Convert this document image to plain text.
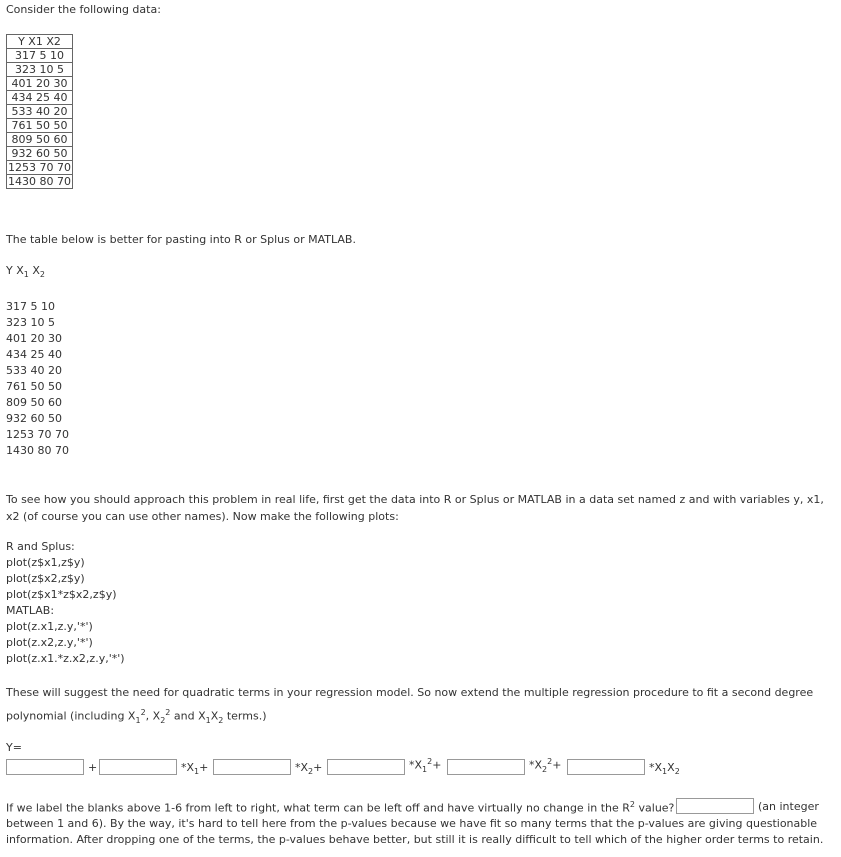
Consider the following data:
Y X1 X2
317 5 10
323 10 5
401 20 30
434 25 40
533 40 20
761 50 50
809 50 60
932 60 50
1253 70 70
1430 80 70
The table below is better for pasting into R or Splus or MATLAB.
Y $X_1$ $X_2$
317 5 10
323 10 5
401 20 30
434 25 40
533 40 20
761 50 50
809 50 60
932 60 50
1253 70 70
1430 80 70
To see how you should approach this problem in real life, first get the data into R or Splus or MATLAB in a data set named z and with variables y, x1, x2 (of course you can use other names). Now make the following plots:
R and Splus:
plot(z$x1,z$y)
plot(z$x2,z$y)
plot(z$x1*z$x2,z$y)
MATLAB:
plot(z.x1,z.y,'*')
plot(z.x2,z.y,'*')
plot(z.x1.*z.x2,z.y,'*')
These will suggest the need for quadratic terms in your regression model. So now extend the multiple regression procedure to fit a second degree polynomial (including $X_1^2$, $X_2^2$ and $X_1X_2$ terms.)
Y=
+	$*X_1+$	$*X_2+$	$*X_1^2+$	$*X_2^2+$	$*X_1X_2$
If we label the blanks above 1-6 from left to right, what term can be left off and have virtually no change in the $R^2$ value?	(an integer
between 1 and 6). By the way, it's hard to tell here from the p-values because we have fit so many terms that the p-values are giving questionable information. After dropping one of the terms, the p-values behave better, but still it is really difficult to tell which of the higher order terms to retain.
